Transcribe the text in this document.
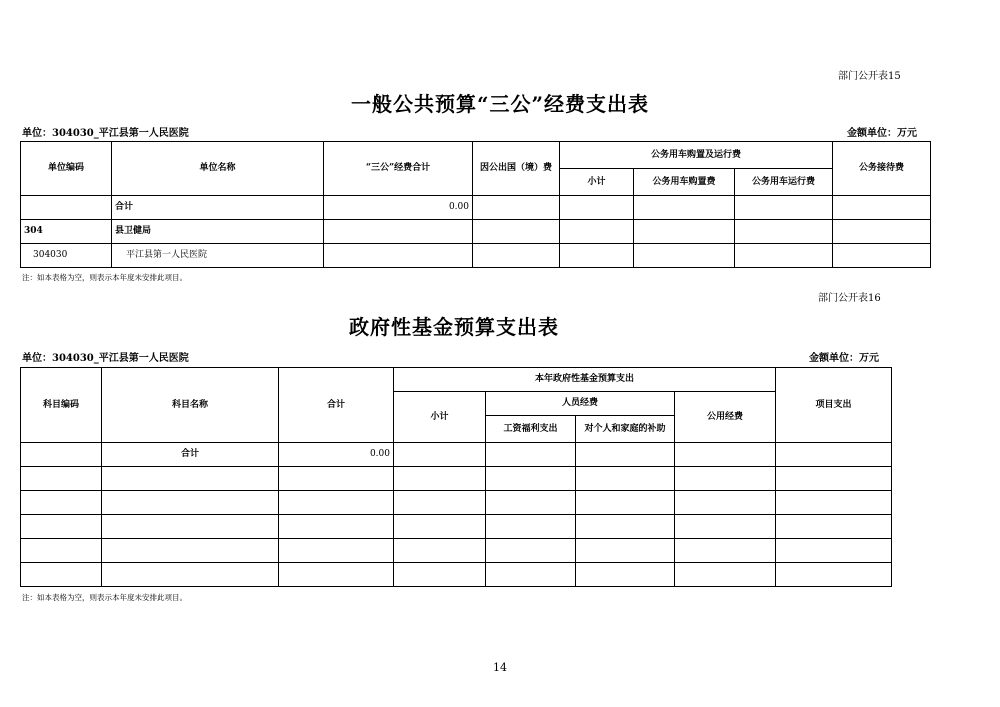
部门公开表15
一般公共预算“三公”经费支出表
单位：304030_平江县第一人民医院	金额单位：万元
单位编码	单位名称	“三公”经费合计	因公出国（境）费	公务用车购置及运行费			公务接待费
				小计	公务用车购置费	公务用车运行费	
	合计	0.00					
304	县卫健局						
304030	平江县第一人民医院						
注：如本表格为空，则表示本年度未安排此项目。
部门公开表16
政府性基金预算支出表
单位：304030_平江县第一人民医院	金额单位：万元
科目编码	科目名称	合计	本年政府性基金预算支出				项目支出
			小计	人员经费		公用经费	
				工资福利支出	对个人和家庭的补助		
	合计	0.00					

注：如本表格为空，则表示本年度未安排此项目。
14
